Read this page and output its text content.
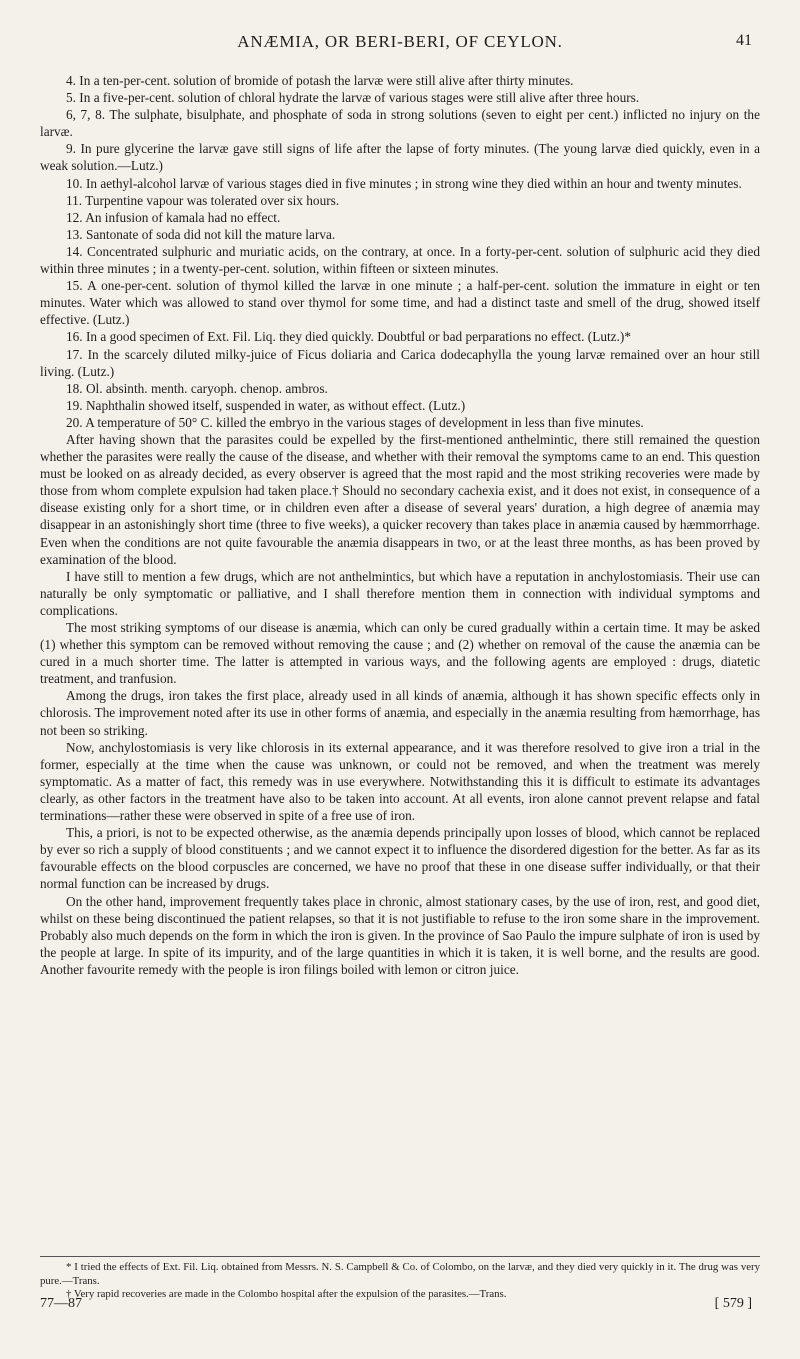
ANÆMIA, OR BERI-BERI, OF CEYLON.	41

4. In a ten-per-cent. solution of bromide of potash the larvæ were still alive after thirty minutes.

5. In a five-per-cent. solution of chloral hydrate the larvæ of various stages were still alive after three hours.

6, 7, 8. The sulphate, bisulphate, and phosphate of soda in strong solutions (seven to eight per cent.) inflicted no injury on the larvæ.

9. In pure glycerine the larvæ gave still signs of life after the lapse of forty minutes. (The young larvæ died quickly, even in a weak solution.—Lutz.)

10. In aethyl-alcohol larvæ of various stages died in five minutes ; in strong wine they died within an hour and twenty minutes.

11. Turpentine vapour was tolerated over six hours.

12. An infusion of kamala had no effect.

13. Santonate of soda did not kill the mature larva.

14. Concentrated sulphuric and muriatic acids, on the contrary, at once. In a forty-per-cent. solution of sulphuric acid they died within three minutes ; in a twenty-per-cent. solution, within fifteen or sixteen minutes.

15. A one-per-cent. solution of thymol killed the larvæ in one minute ; a half-per-cent. solution the immature in eight or ten minutes. Water which was allowed to stand over thymol for some time, and had a distinct taste and smell of the drug, showed itself effective. (Lutz.)

16. In a good specimen of Ext. Fil. Liq. they died quickly. Doubtful or bad perparations no effect. (Lutz.)*

17. In the scarcely diluted milky-juice of Ficus doliaria and Carica dodecaphylla the young larvæ remained over an hour still living. (Lutz.)

18. Ol. absinth. menth. caryoph. chenop. ambros.

19. Naphthalin showed itself, suspended in water, as without effect. (Lutz.)

20. A temperature of 50° C. killed the embryo in the various stages of development in less than five minutes.

After having shown that the parasites could be expelled by the first-mentioned anthelmintic, there still remained the question whether the parasites were really the cause of the disease, and whether with their removal the symptoms came to an end. This question must be looked on as already decided, as every observer is agreed that the most rapid and the most striking recoveries were made by those from whom complete expulsion had taken place.† Should no secondary cachexia exist, and it does not exist, in consequence of a disease existing only for a short time, or in children even after a disease of several years' duration, a high degree of anæmia may disappear in an astonishingly short time (three to five weeks), a quicker recovery than takes place in anæmia caused by hæmmorrhage. Even when the conditions are not quite favourable the anæmia disappears in two, or at the least three months, as has been proved by examination of the blood.

I have still to mention a few drugs, which are not anthelmintics, but which have a reputation in anchylostomiasis. Their use can naturally be only symptomatic or palliative, and I shall therefore mention them in connection with individual symptoms and complications.

The most striking symptoms of our disease is anæmia, which can only be cured gradually within a certain time. It may be asked (1) whether this symptom can be removed without removing the cause ; and (2) whether on removal of the cause the anæmia can be cured in a much shorter time. The latter is attempted in various ways, and the following agents are employed : drugs, diatetic treatment, and tranfusion.

Among the drugs, iron takes the first place, already used in all kinds of anæmia, although it has shown specific effects only in chlorosis. The improvement noted after its use in other forms of anæmia, and especially in the anæmia resulting from hæmorrhage, has not been so striking.

Now, anchylostomiasis is very like chlorosis in its external appearance, and it was therefore resolved to give iron a trial in the former, especially at the time when the cause was unknown, or could not be removed, and when the treatment was merely symptomatic. As a matter of fact, this remedy was in use everywhere. Notwithstanding this it is difficult to estimate its advantages clearly, as other factors in the treatment have also to be taken into account. At all events, iron alone cannot prevent relapse and fatal terminations—rather these were observed in spite of a free use of iron.

This, a priori, is not to be expected otherwise, as the anæmia depends principally upon losses of blood, which cannot be replaced by ever so rich a supply of blood constituents ; and we cannot expect it to influence the disordered digestion for the better. As far as its favourable effects on the blood corpuscles are concerned, we have no proof that these in one disease suffer individually, or that their normal function can be increased by drugs.

On the other hand, improvement frequently takes place in chronic, almost stationary cases, by the use of iron, rest, and good diet, whilst on these being discontinued the patient relapses, so that it is not justifiable to refuse to the iron some share in the improvement. Probably also much depends on the form in which the iron is given. In the province of Sao Paulo the impure sulphate of iron is used by the people at large. In spite of its impurity, and of the large quantities in which it is taken, it is well borne, and the results are good. Another favourite remedy with the people is iron filings boiled with lemon or citron juice.

* I tried the effects of Ext. Fil. Liq. obtained from Messrs. N. S. Campbell & Co. of Colombo, on the larvæ, and they died very quickly in it. The drug was very pure.—Trans.

† Very rapid recoveries are made in the Colombo hospital after the expulsion of the parasites.—Trans.

77—87	[ 579 ]
